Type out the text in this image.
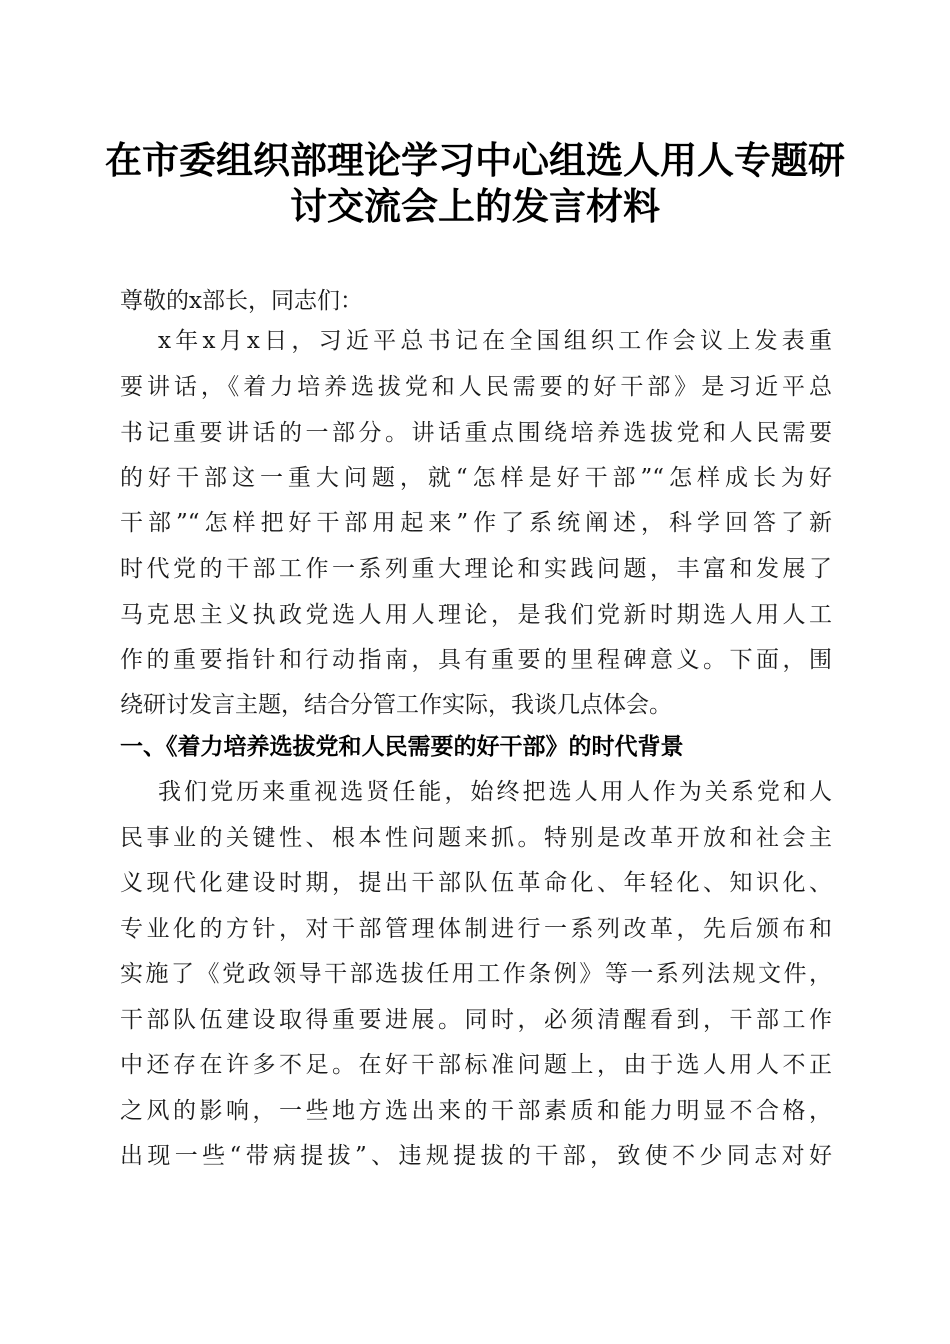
在市委组织部理论学习中心组选人用人专题研
讨交流会上的发言材料
尊敬的x部长，同志们：
x年x月x日，习近平总书记在全国组织工作会议上发表重
要讲话，《着力培养选拔党和人民需要的好干部》是习近平总
书记重要讲话的一部分。讲话重点围绕培养选拔党和人民需要
的好干部这一重大问题，就“怎样是好干部”“怎样成长为好
干部”“怎样把好干部用起来”作了系统阐述，科学回答了新
时代党的干部工作一系列重大理论和实践问题，丰富和发展了
马克思主义执政党选人用人理论，是我们党新时期选人用人工
作的重要指针和行动指南，具有重要的里程碑意义。下面，围
绕研讨发言主题，结合分管工作实际，我谈几点体会。
一、《着力培养选拔党和人民需要的好干部》的时代背景
我们党历来重视选贤任能，始终把选人用人作为关系党和人
民事业的关键性、根本性问题来抓。特别是改革开放和社会主
义现代化建设时期，提出干部队伍革命化、年轻化、知识化、
专业化的方针，对干部管理体制进行一系列改革，先后颁布和
实施了《党政领导干部选拔任用工作条例》等一系列法规文件，
干部队伍建设取得重要进展。同时，必须清醒看到，干部工作
中还存在许多不足。在好干部标准问题上，由于选人用人不正
之风的影响，一些地方选出来的干部素质和能力明显不合格，
出现一些“带病提拔”、违规提拔的干部，致使不少同志对好
